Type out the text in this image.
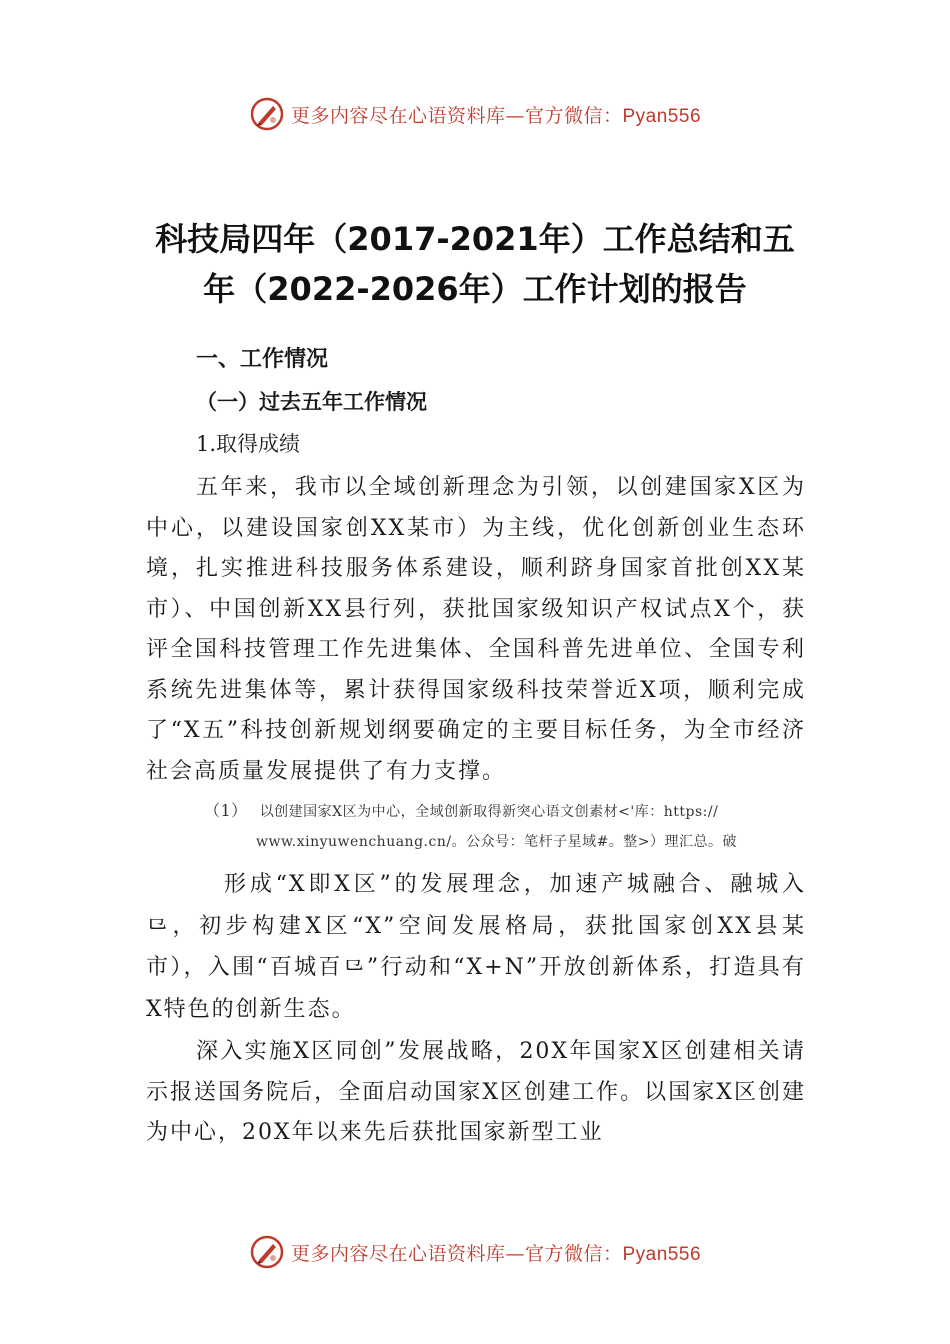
更多内容尽在心语资料库—官方微信：Pyan556
科技局四年（2017-2021年）工作总结和五
年（2022-2026年）工作计划的报告

一、工作情况

（一）过去五年工作情况

1.取得成绩

五年来，我市以全域创新理念为引领，以创建国家X区为中心，以建设国家创XX某市）为主线，优化创新创业生态环境，扎实推进科技服务体系建设，顺利跻身国家首批创XX某市）、中国创新XX县行列，获批国家级知识产权试点X个，获评全国科技管理工作先进集体、全国科普先进单位、全国专利系统先进集体等，累计获得国家级科技荣誉近X项，顺利完成了“X五”科技创新规划纲要确定的主要目标任务，为全市经济社会高质量发展提供了有力支撑。

（1） 以创建国家X区为中心，全域创新取得新突心语文创素材<'库：https://
www.xinyuwenchuang.cn/。公众号：笔杆子星域#。整>）理汇总。破

形成“X即X区”的发展理念，加速产城融合、融城入⺋，初步构建X区“X”空间发展格局，获批国家创XX县某市），入围“百城百⺋”行动和“X+N”开放创新体系，打造具有 X特色的创新生态。

深入实施X区同创”发展战略，20X年国家X区创建相关请示报送国务院后，全面启动国家X区创建工作。以国家X区创建为中心，20X年以来先后获批国家新型工业

更多内容尽在心语资料库—官方微信：Pyan556
